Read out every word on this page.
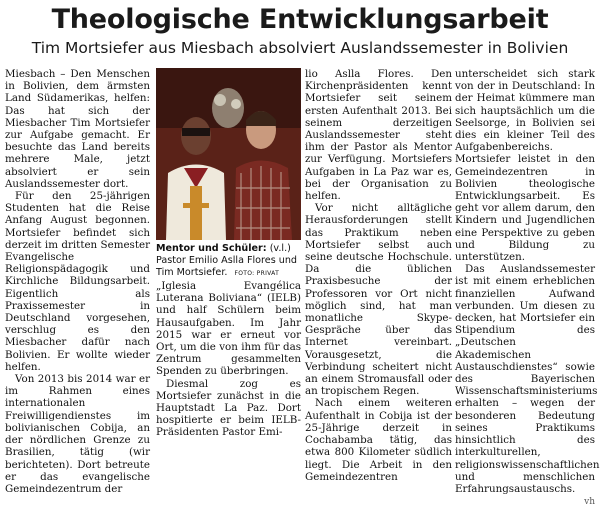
Theologische Entwicklungsarbeit
Tim Mortsiefer aus Miesbach absolviert Auslandssemester in Bolivien

Miesbach – Den Menschen in Bolivien, dem ärmsten Land Südamerikas, helfen: Das hat sich der Miesbacher Tim Mortsiefer zur Aufgabe gemacht. Er besuchte das Land bereits mehrere Male, jetzt absolviert er sein Auslandssemester dort.

Für den 25-jährigen Studenten hat die Reise Anfang August begonnen. Mortsiefer befindet sich derzeit im dritten Semester Evangelische Religionspädagogik und Kirchliche Bildungsarbeit. Eigentlich als Praxissemester in Deutschland vorgesehen, verschlug es den Miesbacher dafür nach Bolivien. Er wollte wieder helfen.

Von 2013 bis 2014 war er im Rahmen eines internationalen Freiwilligendienstes im bolivianischen Cobija, an der nördlichen Grenze zu Brasilien, tätig (wir berichteten). Dort betreute er das evangelische Gemeindezentrum der

Mentor und Schüler: (v.l.) Pastor Emilio Aslla Flores und Tim Mortsiefer. FOTO: PRIVAT

„Iglesia Evangélica Luterana Boliviana“ (IELB) und half Schülern beim Hausaufgaben. Im Jahr 2015 war er erneut vor Ort, um die von ihm für das Zentrum gesammelten Spenden zu überbringen.

Diesmal zog es Mortsiefer zunächst in die Hauptstadt La Paz. Dort hospitierte er beim IELB-Präsidenten Pastor Emi-

lio Aslla Flores. Den Kirchenpräsidenten kennt Mortsiefer seit seinem ersten Aufenthalt 2013. Bei seinem derzeitigen Auslandssemester steht ihm der Pastor als Mentor zur Verfügung. Mortsiefers Aufgaben in La Paz war es, bei der Organisation zu helfen.

Vor nicht alltägliche Herausforderungen stellt das Praktikum neben Mortsiefer selbst auch seine deutsche Hochschule. Da die üblichen Praxisbesuche der Professoren vor Ort nicht möglich sind, hat man monatliche Skype-Gespräche über das Internet vereinbart. Vorausgesetzt, die Verbindung scheitert nicht an einem Stromausfall oder an tropischem Regen.

Nach einem weiteren Aufenthalt in Cobija ist der 25-Jährige derzeit in Cochabamba tätig, das etwa 800 Kilometer südlich liegt. Die Arbeit in den Gemeindezentren

unterscheidet sich stark von der in Deutschland: In der Heimat kümmere man sich hauptsächlich um die Seelsorge, in Bolivien sei dies ein kleiner Teil des Aufgabenbereichs. Mortsiefer leistet in den Gemeindezentren in Bolivien theologische Entwicklungsarbeit. Es geht vor allem darum, den Kindern und Jugendlichen eine Perspektive zu geben und Bildung zu unterstützen.

Das Auslandssemester ist mit einem erheblichen finanziellen Aufwand verbunden. Um diesen zu decken, hat Mortsiefer ein Stipendium des „Deutschen Akademischen Austauschdienstes“ sowie des Bayerischen Wissenschaftsministeriums erhalten – wegen der besonderen Bedeutung seines Praktikums hinsichtlich des interkulturellen, religionswissenschaftlichen und menschlichen Erfahrungsaustauschs.

vh
